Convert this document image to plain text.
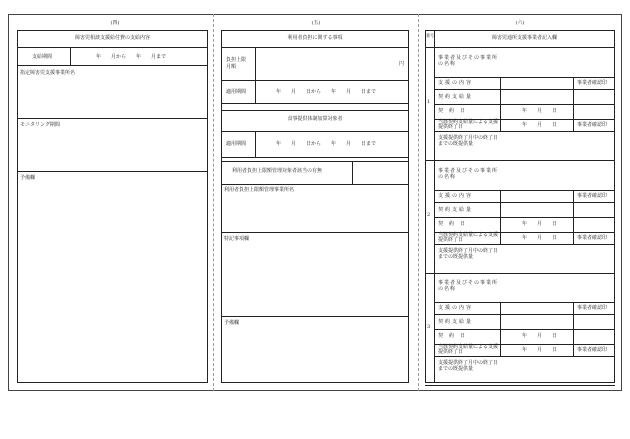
(四)	(五)	(六)
障害児相談支援給付費の支給内容
支給期間	年　　月から　　年　　月まで
指定障害児支援事業所名
モニタリング期間
予備欄
利用者負担に関する事項
負担上限
月額	円
適用期間	年　　月　　日から　　年　　月　　日まで
食事提供体制加算対象者
適用期間	年　　月　　日から　　年　　月　　日まで
利用者負担上限額管理対象者該当の有無
利用者負担上限額管理事業所名
特記事項欄
予備欄
番号	障害児通所支援事業者記入欄
1
事業者及びその事業所の名称
支援の内容	事業者確認印
契約支給量
契約日	年　　月　　日
当該契約支給量による支援提供終了日	年　　月　　日	事業者確認印
支援提供終了月中の終了日までの既提供量
2
事業者及びその事業所の名称
支援の内容	事業者確認印
契約支給量
契約日	年　　月　　日
当該契約支給量による支援提供終了日	年　　月　　日	事業者確認印
支援提供終了月中の終了日までの既提供量
3
事業者及びその事業所の名称
支援の内容	事業者確認印
契約支給量
契約日	年　　月　　日
当該契約支給量による支援提供終了日	年　　月　　日	事業者確認印
支援提供終了月中の終了日までの既提供量
